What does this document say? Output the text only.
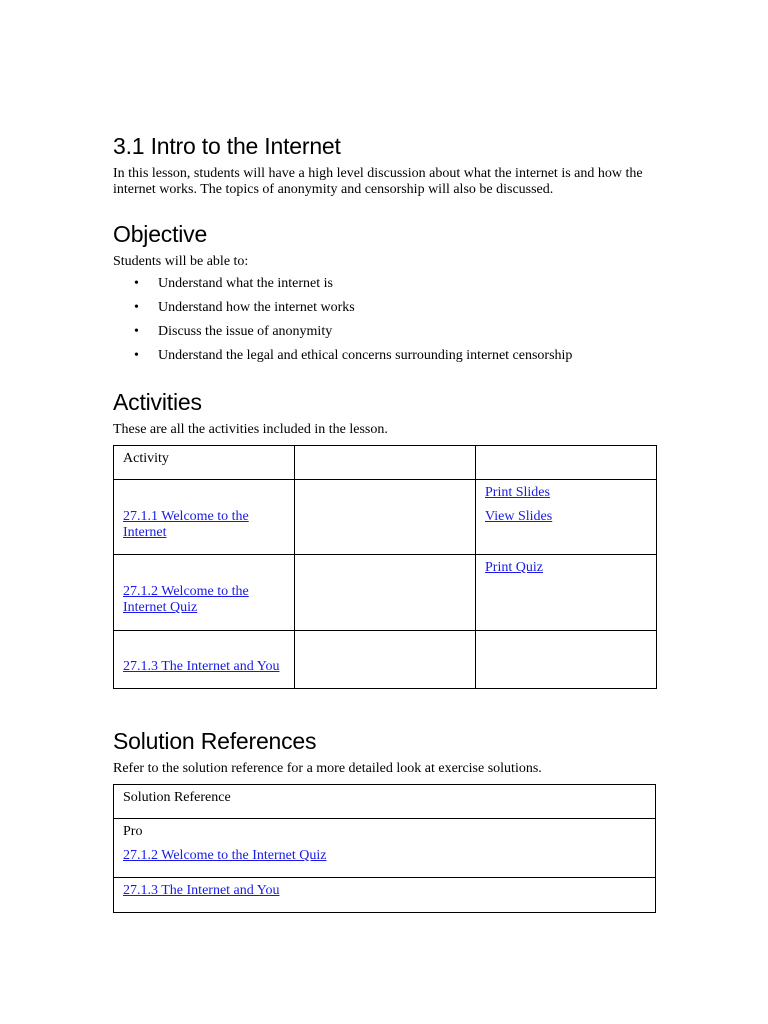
3.1 Intro to the Internet

In this lesson, students will have a high level discussion about what the internet is and how the internet works. The topics of anonymity and censorship will also be discussed.

Objective

Students will be able to:

• Understand what the internet is
• Understand how the internet works
• Discuss the issue of anonymity
• Understand the legal and ethical concerns surrounding internet censorship
Activities

These are all the activities included in the lesson.

Activity		
27.1.1 Welcome to the Internet		Print Slides
View Slides

27.1.2 Welcome to the Internet Quiz		Print Quiz

27.1.3 The Internet and You		
Solution References

Refer to the solution reference for a more detailed look at exercise solutions.

Solution Reference

Pro
27.1.2 Welcome to the Internet Quiz

27.1.3 The Internet and You
